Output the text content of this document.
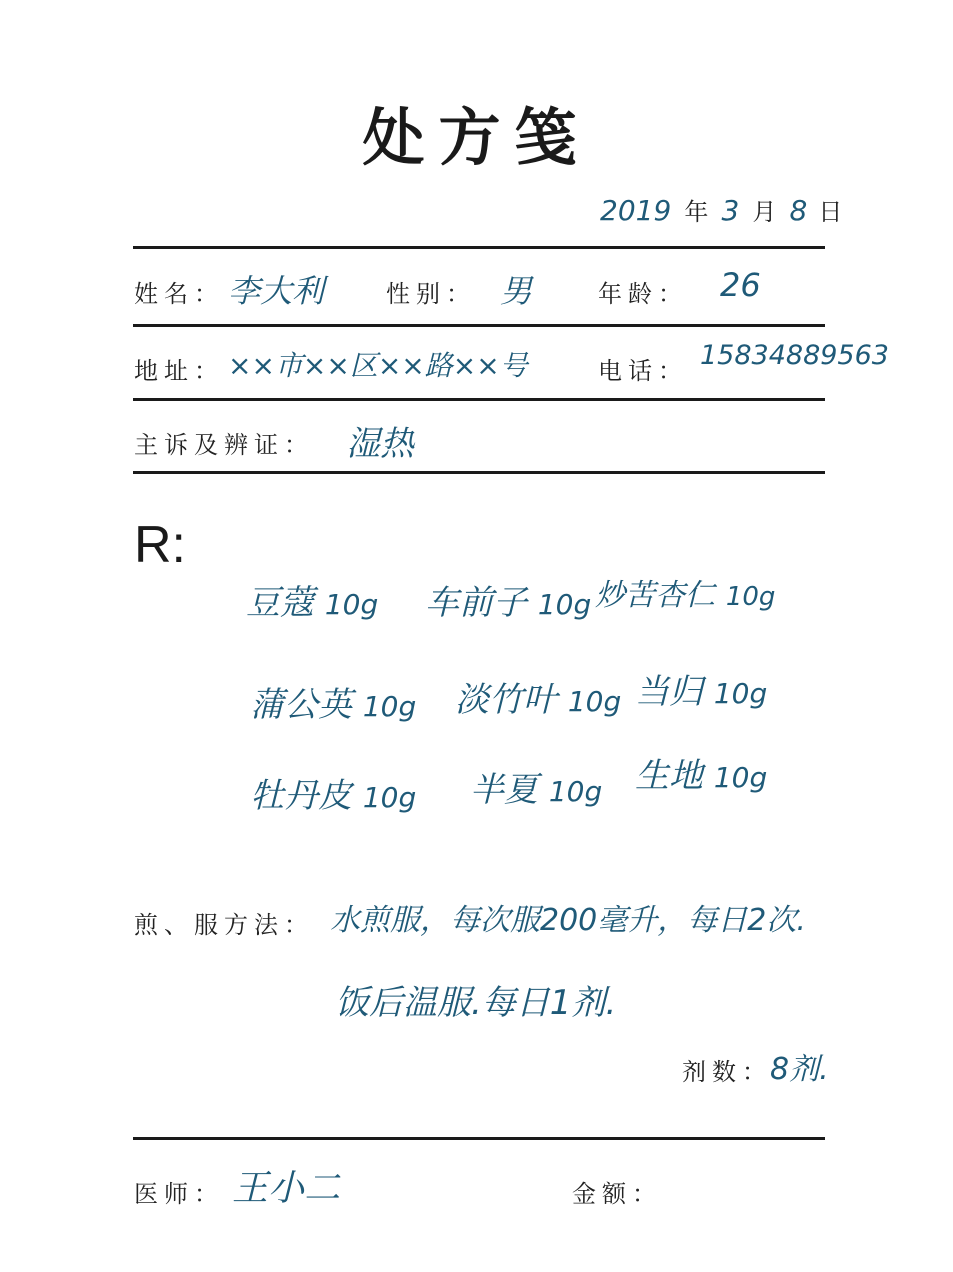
处方笺
2019 年 3 月 8 日
姓名： 李大利	性别： 男	年龄： 26
地址： ××市××区××路××号	电话： 15834889563
主诉及辨证： 湿热
R:
豆蔻 10g 车前子 10g 炒苦杏仁 10g
蒲公英 10g 淡竹叶 10g 当归 10g
牡丹皮 10g 半夏 10g 生地 10g
煎、服方法： 水煎服，每次服200毫升，每日2次.
饭后温服.每日1剂.
剂数：
8剂.
医师： 王小二	金额：
